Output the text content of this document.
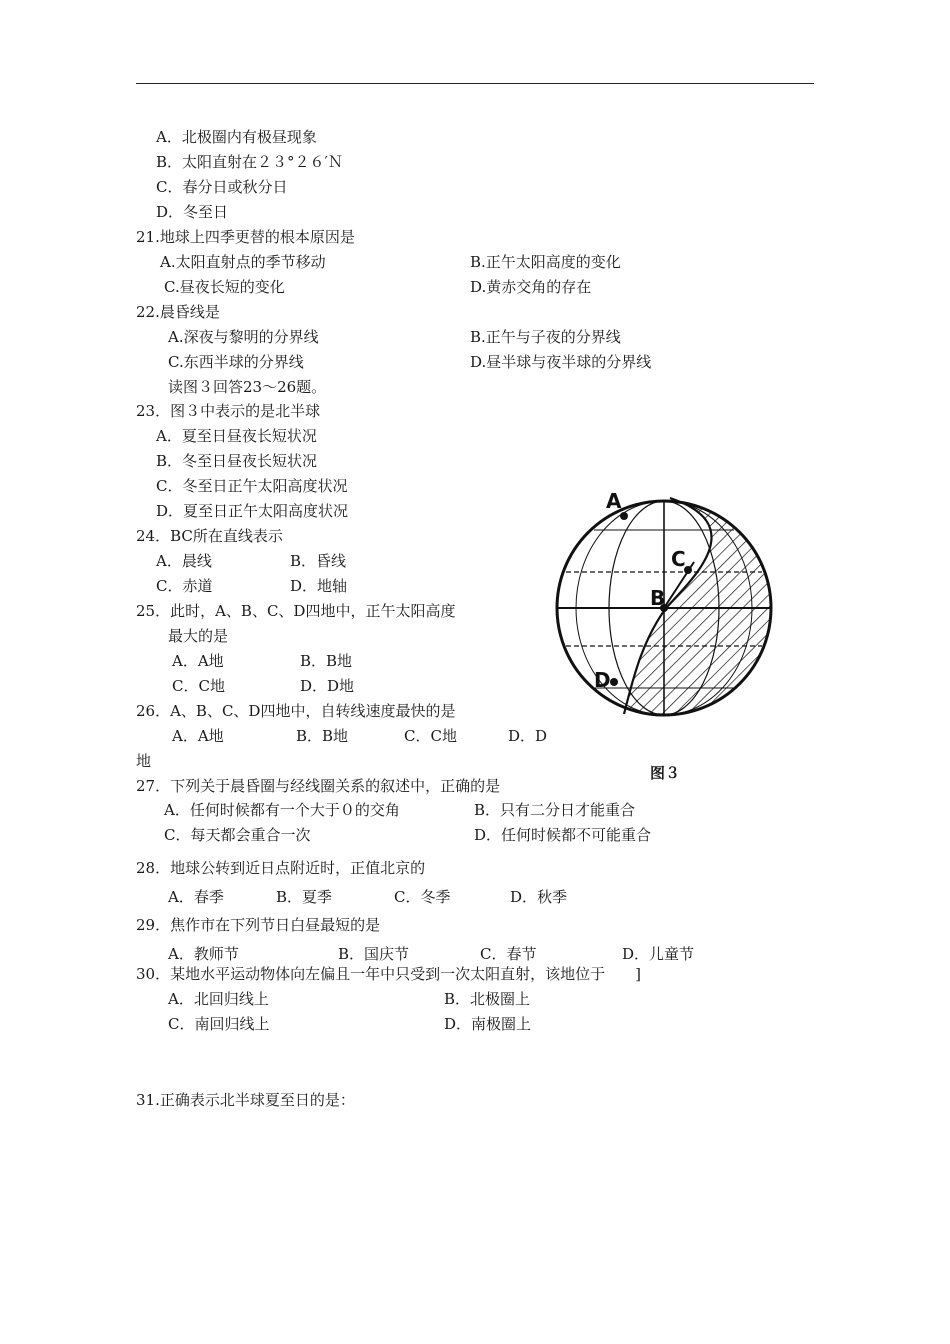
A．北极圈内有极昼现象
B．太阳直射在２３°２６′Ｎ
C．春分日或秋分日
D．冬至日
21.地球上四季更替的根本原因是
A.太阳直射点的季节移动	B.正午太阳高度的变化
C.昼夜长短的变化	D.黄赤交角的存在
22.晨昏线是
A.深夜与黎明的分界线	B.正午与子夜的分界线
C.东西半球的分界线	D.昼半球与夜半球的分界线
读图３回答23～26题。
23．图３中表示的是北半球
A．夏至日昼夜长短状况
B．冬至日昼夜长短状况
C．冬至日正午太阳高度状况
D．夏至日正午太阳高度状况
24．BC所在直线表示
A．晨线	B．昏线
C．赤道	D．地轴
25．此时，A、B、C、D四地中，正午太阳高度
最大的是
A．A地	B．B地
C．C地	D．D地
26．A、B、C、D四地中，自转线速度最快的是
A．A地	B．B地	C．C地	D．D
地
27．下列关于晨昏圈与经线圈关系的叙述中，正确的是
A．任何时候都有一个大于０的交角	B．只有二分日才能重合
C．每天都会重合一次	D．任何时候都不可能重合
28．地球公转到近日点附近时，正值北京的
A．春季	B．夏季	C．冬季	D．秋季
29．焦作市在下列节日白昼最短的是
A．教师节	B．国庆节	C．春节	D．儿童节
30．某地水平运动物体向左偏且一年中只受到一次太阳直射，该地位于　　]
A．北回归线上	B．北极圈上
C．南回归线上	D．南极圈上
31.正确表示北半球夏至日的是：
A
B
C
D
图３
